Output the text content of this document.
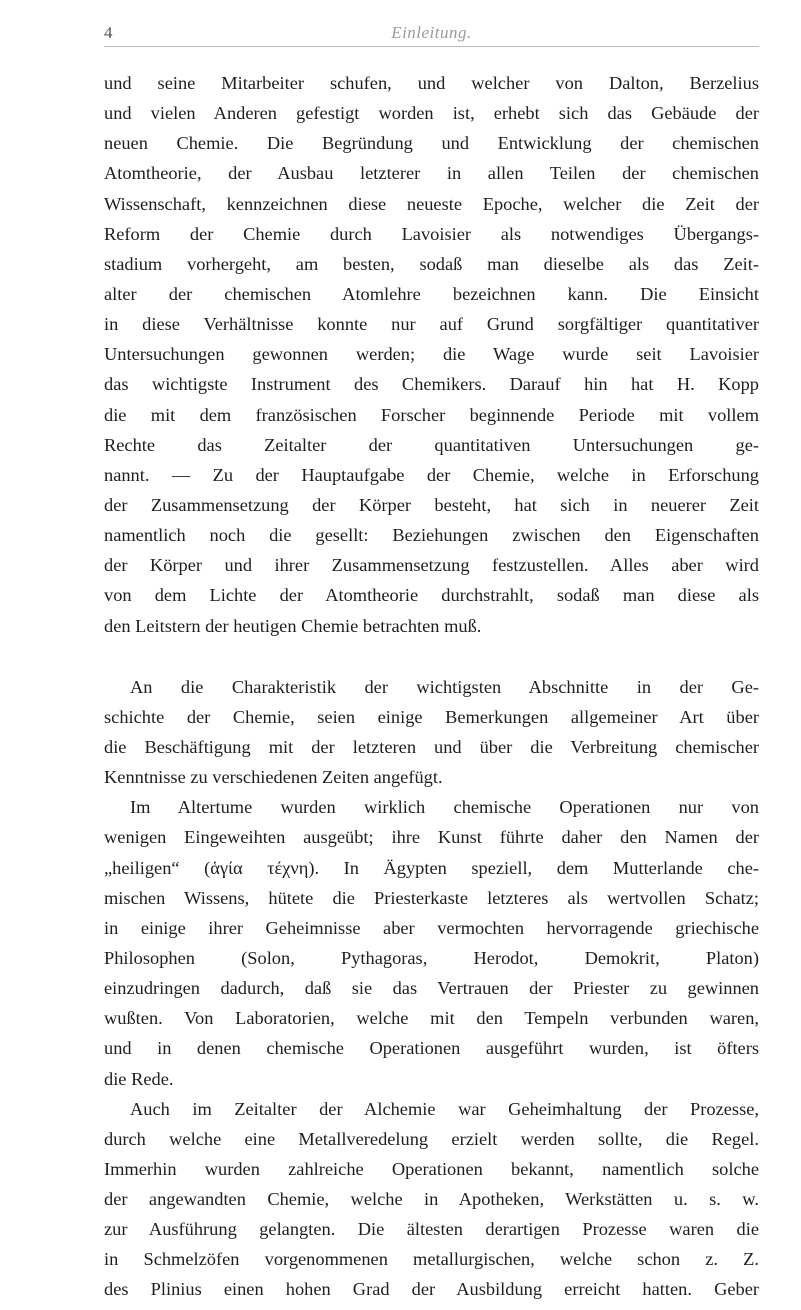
4	Einleitung.
und seine Mitarbeiter schufen, und welcher von Dalton, Berzelius
und vielen Anderen gefestigt worden ist, erhebt sich das Gebäude der
neuen Chemie. Die Begründung und Entwicklung der chemischen
Atomtheorie, der Ausbau letzterer in allen Teilen der chemischen
Wissenschaft, kennzeichnen diese neueste Epoche, welcher die Zeit der
Reform der Chemie durch Lavoisier als notwendiges Übergangs-
stadium vorhergeht, am besten, sodaß man dieselbe als das Zeit-
alter der chemischen Atomlehre bezeichnen kann. Die Einsicht
in diese Verhältnisse konnte nur auf Grund sorgfältiger quantitativer
Untersuchungen gewonnen werden; die Wage wurde seit Lavoisier
das wichtigste Instrument des Chemikers. Darauf hin hat H. Kopp
die mit dem französischen Forscher beginnende Periode mit vollem
Rechte das Zeitalter der quantitativen Untersuchungen ge-
nannt. — Zu der Hauptaufgabe der Chemie, welche in Erforschung
der Zusammensetzung der Körper besteht, hat sich in neuerer Zeit
namentlich noch die gesellt: Beziehungen zwischen den Eigenschaften
der Körper und ihrer Zusammensetzung festzustellen. Alles aber wird
von dem Lichte der Atomtheorie durchstrahlt, sodaß man diese als
den Leitstern der heutigen Chemie betrachten muß.
An die Charakteristik der wichtigsten Abschnitte in der Ge-
schichte der Chemie, seien einige Bemerkungen allgemeiner Art über
die Beschäftigung mit der letzteren und über die Verbreitung chemischer
Kenntnisse zu verschiedenen Zeiten angefügt.
Im Altertume wurden wirklich chemische Operationen nur von
wenigen Eingeweihten ausgeübt; ihre Kunst führte daher den Namen der
„heiligen“ (ἁγία τέχνη). In Ägypten speziell, dem Mutterlande che-
mischen Wissens, hütete die Priesterkaste letzteres als wertvollen Schatz;
in einige ihrer Geheimnisse aber vermochten hervorragende griechische
Philosophen (Solon, Pythagoras, Herodot, Demokrit, Platon)
einzudringen dadurch, daß sie das Vertrauen der Priester zu gewinnen
wußten. Von Laboratorien, welche mit den Tempeln verbunden waren,
und in denen chemische Operationen ausgeführt wurden, ist öfters
die Rede.
Auch im Zeitalter der Alchemie war Geheimhaltung der Prozesse,
durch welche eine Metallveredelung erzielt werden sollte, die Regel.
Immerhin wurden zahlreiche Operationen bekannt, namentlich solche
der angewandten Chemie, welche in Apotheken, Werkstätten u. s. w.
zur Ausführung gelangten. Die ältesten derartigen Prozesse waren die
in Schmelzöfen vorgenommenen metallurgischen, welche schon z. Z.
des Plinius einen hohen Grad der Ausbildung erreicht hatten. Geber
